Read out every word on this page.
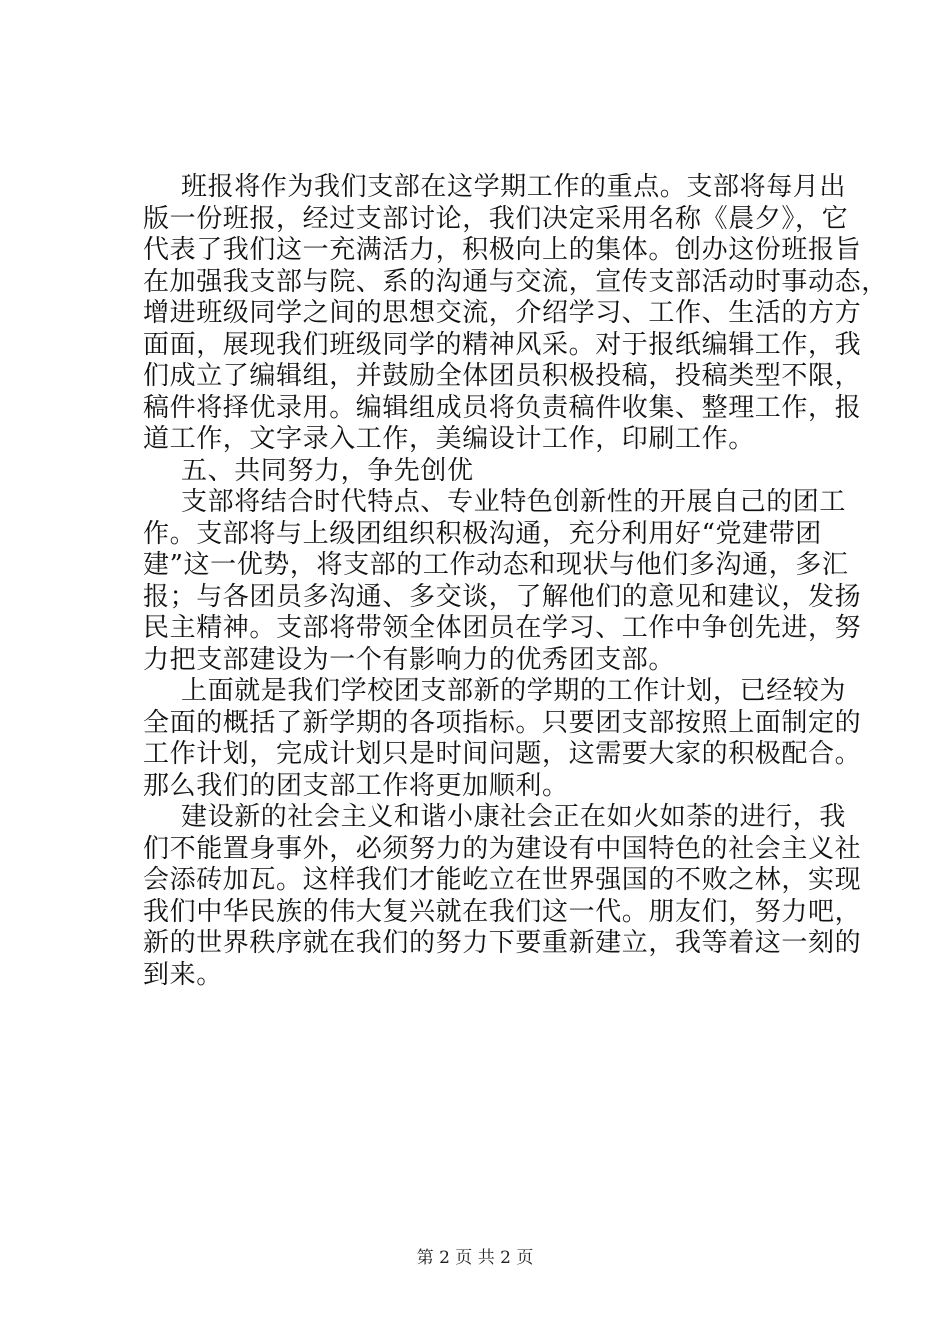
班报将作为我们支部在这学期工作的重点。支部将每月出
版一份班报，经过支部讨论，我们决定采用名称《晨夕》，它
代表了我们这一充满活力，积极向上的集体。创办这份班报旨
在加强我支部与院、系的沟通与交流，宣传支部活动时事动态，
增进班级同学之间的思想交流，介绍学习、工作、生活的方方
面面，展现我们班级同学的精神风采。对于报纸编辑工作，我
们成立了编辑组，并鼓励全体团员积极投稿，投稿类型不限，
稿件将择优录用。编辑组成员将负责稿件收集、整理工作，报
道工作，文字录入工作，美编设计工作，印刷工作。
五、共同努力，争先创优
支部将结合时代特点、专业特色创新性的开展自己的团工
作。支部将与上级团组织积极沟通，充分利用好“党建带团
建”这一优势，将支部的工作动态和现状与他们多沟通，多汇
报；与各团员多沟通、多交谈，了解他们的意见和建议，发扬
民主精神。支部将带领全体团员在学习、工作中争创先进，努
力把支部建设为一个有影响力的优秀团支部。
上面就是我们学校团支部新的学期的工作计划，已经较为
全面的概括了新学期的各项指标。只要团支部按照上面制定的
工作计划，完成计划只是时间问题，这需要大家的积极配合。
那么我们的团支部工作将更加顺利。
建设新的社会主义和谐小康社会正在如火如荼的进行，我
们不能置身事外，必须努力的为建设有中国特色的社会主义社
会添砖加瓦。这样我们才能屹立在世界强国的不败之林，实现
我们中华民族的伟大复兴就在我们这一代。朋友们，努力吧，
新的世界秩序就在我们的努力下要重新建立，我等着这一刻的
到来。
第 2 页 共 2 页
